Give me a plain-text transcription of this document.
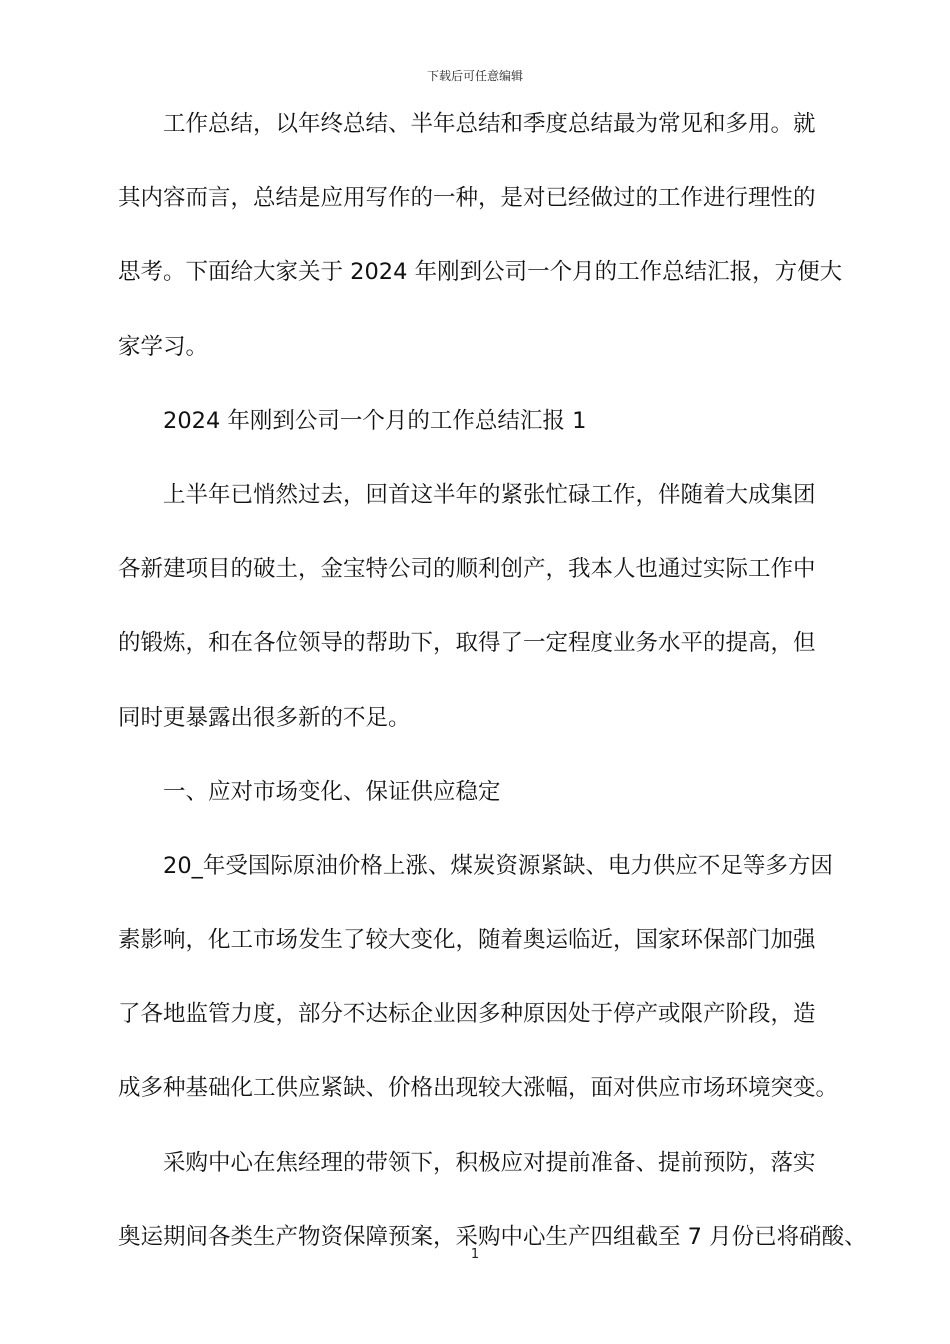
下载后可任意编辑
工作总结，以年终总结、半年总结和季度总结最为常见和多用。就
其内容而言，总结是应用写作的一种，是对已经做过的工作进行理性的
思考。下面给大家关于 2024 年刚到公司一个月的工作总结汇报，方便大
家学习。
2024 年刚到公司一个月的工作总结汇报 1
上半年已悄然过去，回首这半年的紧张忙碌工作，伴随着大成集团
各新建项目的破土，金宝特公司的顺利创产，我本人也通过实际工作中
的锻炼，和在各位领导的帮助下，取得了一定程度业务水平的提高，但
同时更暴露出很多新的不足。
一、应对市场变化、保证供应稳定
20_年受国际原油价格上涨、煤炭资源紧缺、电力供应不足等多方因
素影响，化工市场发生了较大变化，随着奥运临近，国家环保部门加强
了各地监管力度，部分不达标企业因多种原因处于停产或限产阶段，造
成多种基础化工供应紧缺、价格出现较大涨幅，面对供应市场环境突变。
采购中心在焦经理的带领下，积极应对提前准备、提前预防，落实
奥运期间各类生产物资保障预案，采购中心生产四组截至 7 月份已将硝酸、
1
